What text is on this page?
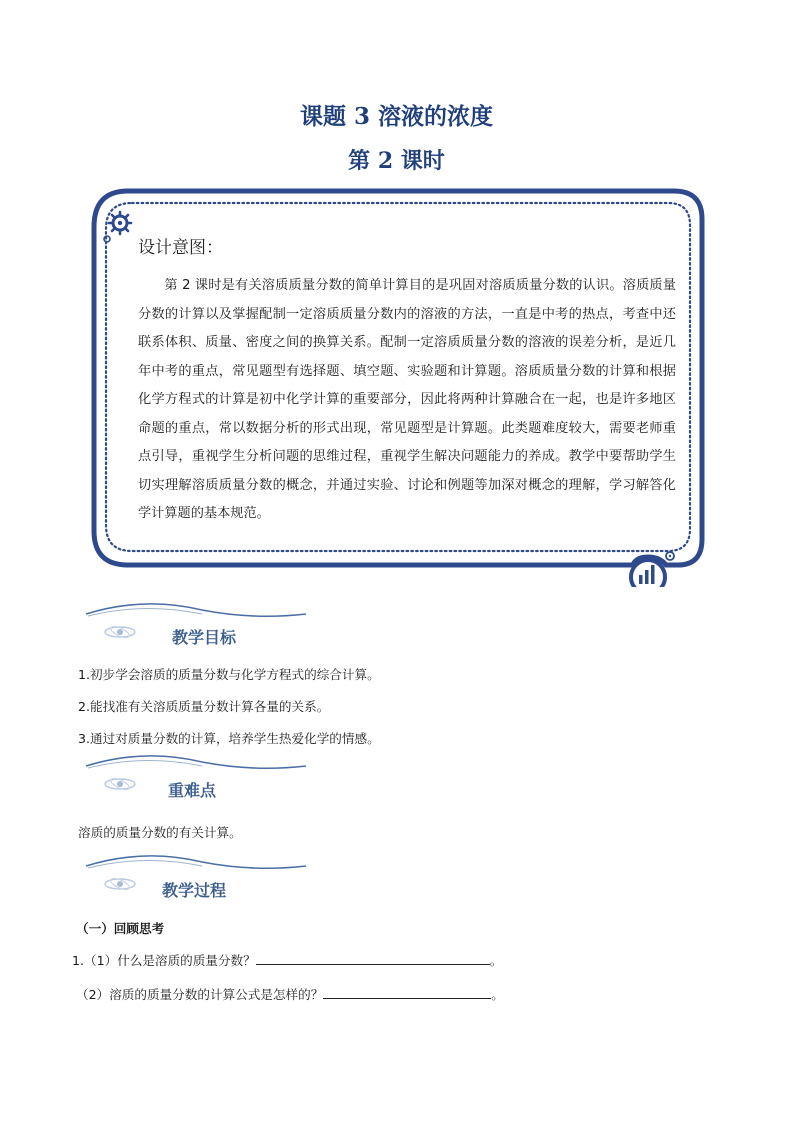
课题 3 溶液的浓度
第 2 课时

设计意图：

第 2 课时是有关溶质质量分数的简单计算目的是巩固对溶质质量分数的认识。溶质质量分数的计算以及掌握配制一定溶质质量分数内的溶液的方法，一直是中考的热点，考查中还联系体积、质量、密度之间的换算关系。配制一定溶质质量分数的溶液的误差分析，是近几年中考的重点，常见题型有选择题、填空题、实验题和计算题。溶质质量分数的计算和根据化学方程式的计算是初中化学计算的重要部分，因此将两种计算融合在一起，也是许多地区命题的重点，常以数据分析的形式出现，常见题型是计算题。此类题难度较大，需要老师重点引导，重视学生分析问题的思维过程，重视学生解决问题能力的养成。教学中要帮助学生切实理解溶质质量分数的概念，并通过实验、讨论和例题等加深对概念的理解，学习解答化学计算题的基本规范。

教学目标

1.初步学会溶质的质量分数与化学方程式的综合计算。

2.能找准有关溶质质量分数计算各量的关系。

3.通过对质量分数的计算，培养学生热爱化学的情感。

重难点

溶质的质量分数的有关计算。

教学过程

（一）回顾思考

1.（1）什么是溶质的质量分数？	。

（2）溶质的质量分数的计算公式是怎样的？	。
